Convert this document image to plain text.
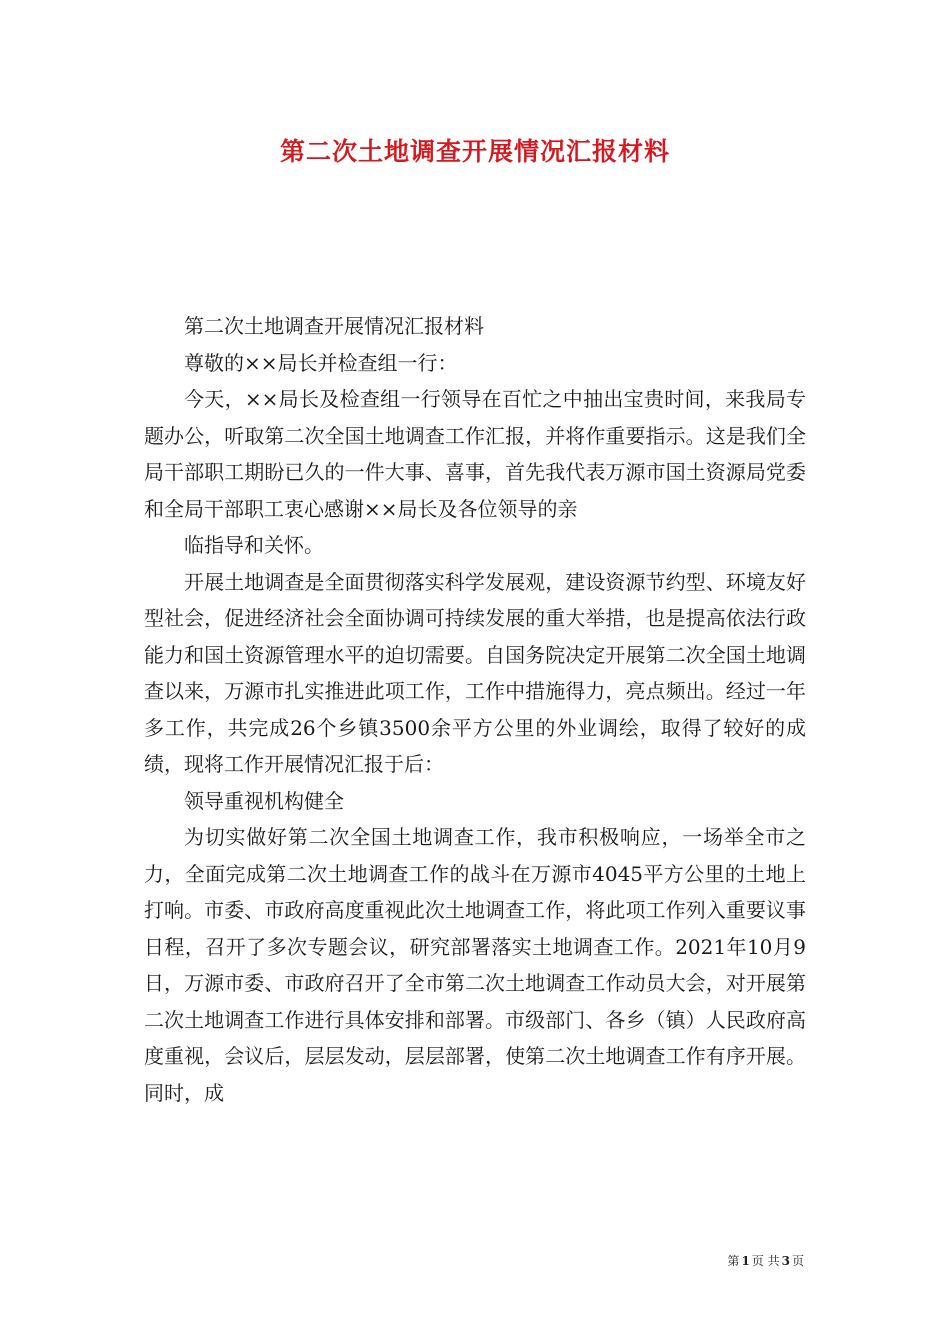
第二次土地调查开展情况汇报材料

第二次土地调查开展情况汇报材料

尊敬的××局长并检查组一行：

今天，××局长及检查组一行领导在百忙之中抽出宝贵时间，来我局专题办公，听取第二次全国土地调查工作汇报，并将作重要指示。这是我们全局干部职工期盼已久的一件大事、喜事，首先我代表万源市国土资源局党委和全局干部职工衷心感谢××局长及各位领导的亲

临指导和关怀。

开展土地调查是全面贯彻落实科学发展观，建设资源节约型、环境友好型社会，促进经济社会全面协调可持续发展的重大举措，也是提高依法行政能力和国土资源管理水平的迫切需要。自国务院决定开展第二次全国土地调查以来，万源市扎实推进此项工作，工作中措施得力，亮点频出。经过一年多工作，共完成26个乡镇3500余平方公里的外业调绘，取得了较好的成绩，现将工作开展情况汇报于后：

领导重视机构健全

为切实做好第二次全国土地调查工作，我市积极响应，一场举全市之力，全面完成第二次土地调查工作的战斗在万源市4045平方公里的土地上打响。市委、市政府高度重视此次土地调查工作，将此项工作列入重要议事日程，召开了多次专题会议，研究部署落实土地调查工作。2021年10月9日，万源市委、市政府召开了全市第二次土地调查工作动员大会，对开展第二次土地调查工作进行具体安排和部署。市级部门、各乡（镇）人民政府高度重视，会议后，层层发动，层层部署，使第二次土地调查工作有序开展。同时，成

第 1 页 共 3 页
